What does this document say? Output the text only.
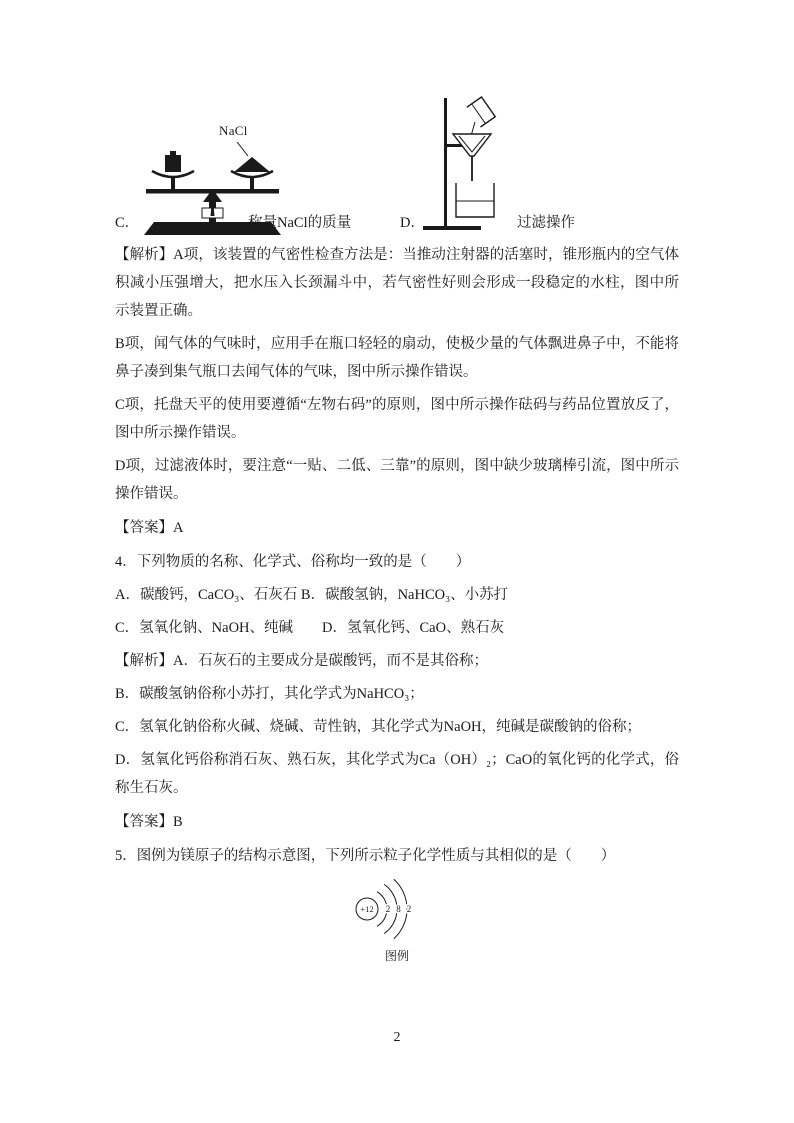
NaCl
C．	称量NaCl的质量	D．	过滤操作

【解析】A项，该装置的气密性检查方法是：当推动注射器的活塞时，锥形瓶内的空气体积减小压强增大，把水压入长颈漏斗中，若气密性好则会形成一段稳定的水柱，图中所示装置正确。

B项，闻气体的气味时，应用手在瓶口轻轻的扇动，使极少量的气体飘进鼻子中，不能将鼻子凑到集气瓶口去闻气体的气味，图中所示操作错误。

C项，托盘天平的使用要遵循“左物右码”的原则，图中所示操作砝码与药品位置放反了，图中所示操作错误。

D项，过滤液体时，要注意“一贴、二低、三靠”的原则，图中缺少玻璃棒引流，图中所示操作错误。

【答案】A

4．下列物质的名称、化学式、俗称均一致的是（　　）

A．碳酸钙，CaCO₃、石灰石 B．碳酸氢钠，NaHCO₃、小苏打

C．氢氧化钠、NaOH、纯碱　　D．氢氧化钙、CaO、熟石灰

【解析】A．石灰石的主要成分是碳酸钙，而不是其俗称；

B．碳酸氢钠俗称小苏打，其化学式为NaHCO₃；

C．氢氧化钠俗称火碱、烧碱、苛性钠，其化学式为NaOH，纯碱是碳酸钠的俗称；

D．氢氧化钙俗称消石灰、熟石灰，其化学式为Ca（OH）₂；CaO的氧化钙的化学式，俗称生石灰。

【答案】B

5．图例为镁原子的结构示意图，下列所示粒子化学性质与其相似的是（　　）

+12 2 8 2
图例
2
